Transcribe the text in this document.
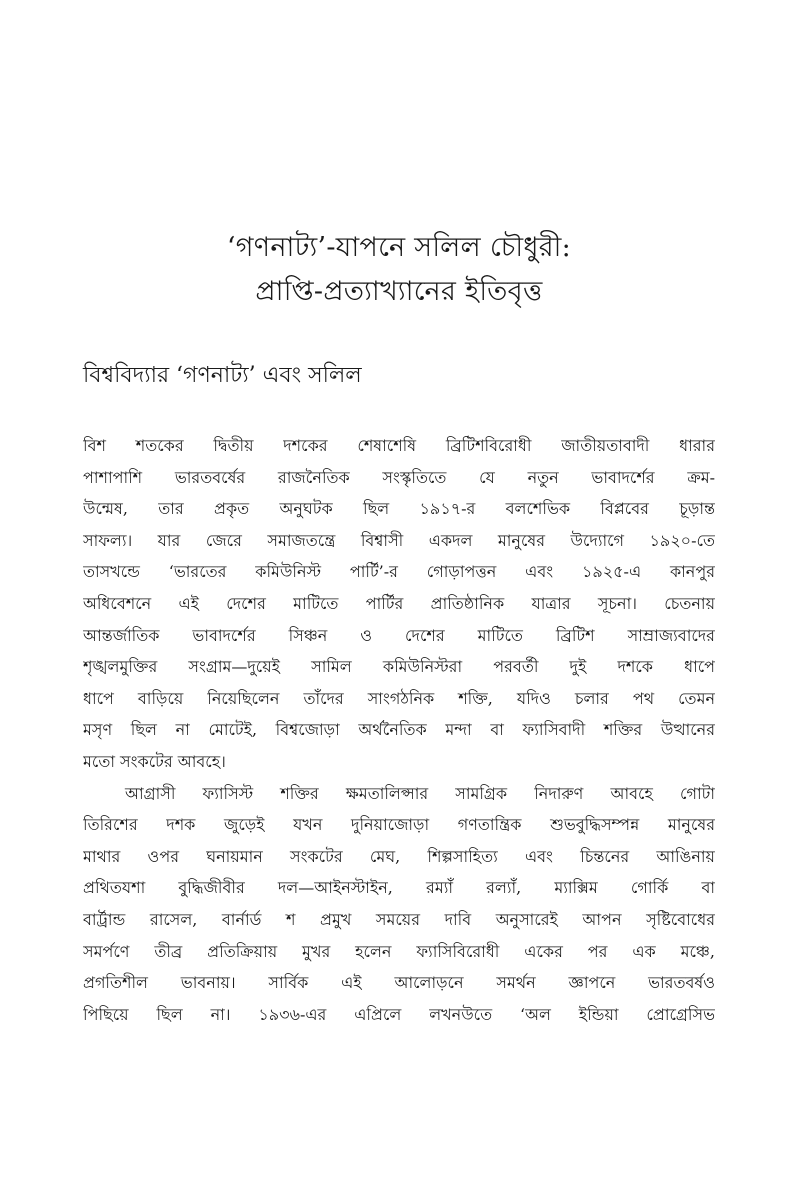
‘গণনাট্য’-যাপনে সলিল চৌধুরী:
প্রাপ্তি-প্রত্যাখ্যানের ইতিবৃত্ত
বিশ্ববিদ্যার ‘গণনাট্য’ এবং সলিল

বিশ শতকের দ্বিতীয় দশকের শেষাশেষি ব্রিটিশবিরোধী জাতীয়তাবাদী ধারার
পাশাপাশি ভারতবর্ষের রাজনৈতিক সংস্কৃতিতে যে নতুন ভাবাদর্শের ক্রম-
উন্মেষ, তার প্রকৃত অনুঘটক ছিল ১৯১৭-র বলশেভিক বিপ্লবের চূড়ান্ত
সাফল্য। যার জেরে সমাজতন্ত্রে বিশ্বাসী একদল মানুষের উদ্যোগে ১৯২০-তে
তাসখন্ডে ‘ভারতের কমিউনিস্ট পার্টি’-র গোড়াপত্তন এবং ১৯২৫-এ কানপুর
অধিবেশনে এই দেশের মাটিতে পার্টির প্রাতিষ্ঠানিক যাত্রার সূচনা। চেতনায়
আন্তর্জাতিক ভাবাদর্শের সিঞ্চন ও দেশের মাটিতে ব্রিটিশ সাম্রাজ্যবাদের
শৃঙ্খলমুক্তির সংগ্রাম—দুয়েই সামিল কমিউনিস্টরা পরবর্তী দুই দশকে ধাপে
ধাপে বাড়িয়ে নিয়েছিলেন তাঁদের সাংগঠনিক শক্তি, যদিও চলার পথ তেমন
মসৃণ ছিল না মোটেই, বিশ্বজোড়া অর্থনৈতিক মন্দা বা ফ্যাসিবাদী শক্তির উত্থানের
মতো সংকটের আবহে।

আগ্রাসী ফ্যাসিস্ট শক্তির ক্ষমতালিপ্সার সামগ্রিক নিদারুণ আবহে গোটা
তিরিশের দশক জুড়েই যখন দুনিয়াজোড়া গণতান্ত্রিক শুভবুদ্ধিসম্পন্ন মানুষের
মাথার ওপর ঘনায়মান সংকটের মেঘ, শিল্পসাহিত্য এবং চিন্তনের আঙিনায়
প্রথিতযশা বুদ্ধিজীবীর দল—আইনস্টাইন, রম্যাঁ রল্যাঁ, ম্যাক্সিম গোর্কি বা
বার্ট্রান্ড রাসেল, বার্নার্ড শ প্রমুখ সময়ের দাবি অনুসারেই আপন সৃষ্টিবোধের
সমর্পণে তীব্র প্রতিক্রিয়ায় মুখর হলেন ফ্যাসিবিরোধী একের পর এক মঞ্চে,
প্রগতিশীল ভাবনায়। সার্বিক এই আলোড়নে সমর্থন জ্ঞাপনে ভারতবর্ষও
পিছিয়ে ছিল না। ১৯৩৬-এর এপ্রিলে লখনউতে ‘অল ইন্ডিয়া প্রোগ্রেসিভ
